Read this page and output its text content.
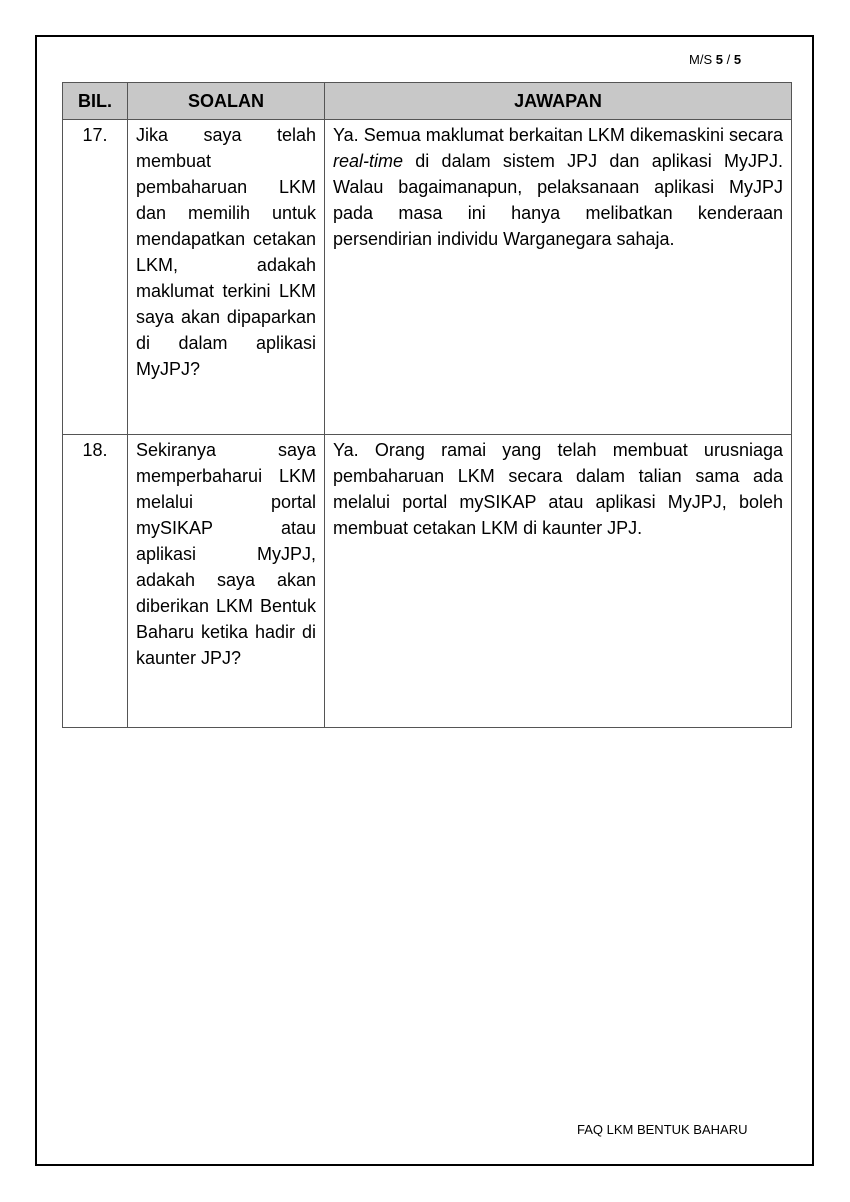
M/S 5 / 5
BIL.	SOALAN	JAWAPAN
17.	Jika saya telah membuat pembaharuan LKM dan memilih untuk mendapatkan cetakan LKM, adakah maklumat terkini LKM saya akan dipaparkan di dalam aplikasi MyJPJ?	Ya. Semua maklumat berkaitan LKM dikemaskini secara real-time di dalam sistem JPJ dan aplikasi MyJPJ. Walau bagaimanapun, pelaksanaan aplikasi MyJPJ pada masa ini hanya melibatkan kenderaan persendirian individu Warganegara sahaja.
18.	Sekiranya saya memperbaharui LKM melalui portal mySIKAP atau aplikasi MyJPJ, adakah saya akan diberikan LKM Bentuk Baharu ketika hadir di kaunter JPJ?	Ya. Orang ramai yang telah membuat urusniaga pembaharuan LKM secara dalam talian sama ada melalui portal mySIKAP atau aplikasi MyJPJ, boleh membuat cetakan LKM di kaunter JPJ.
FAQ LKM BENTUK BAHARU
